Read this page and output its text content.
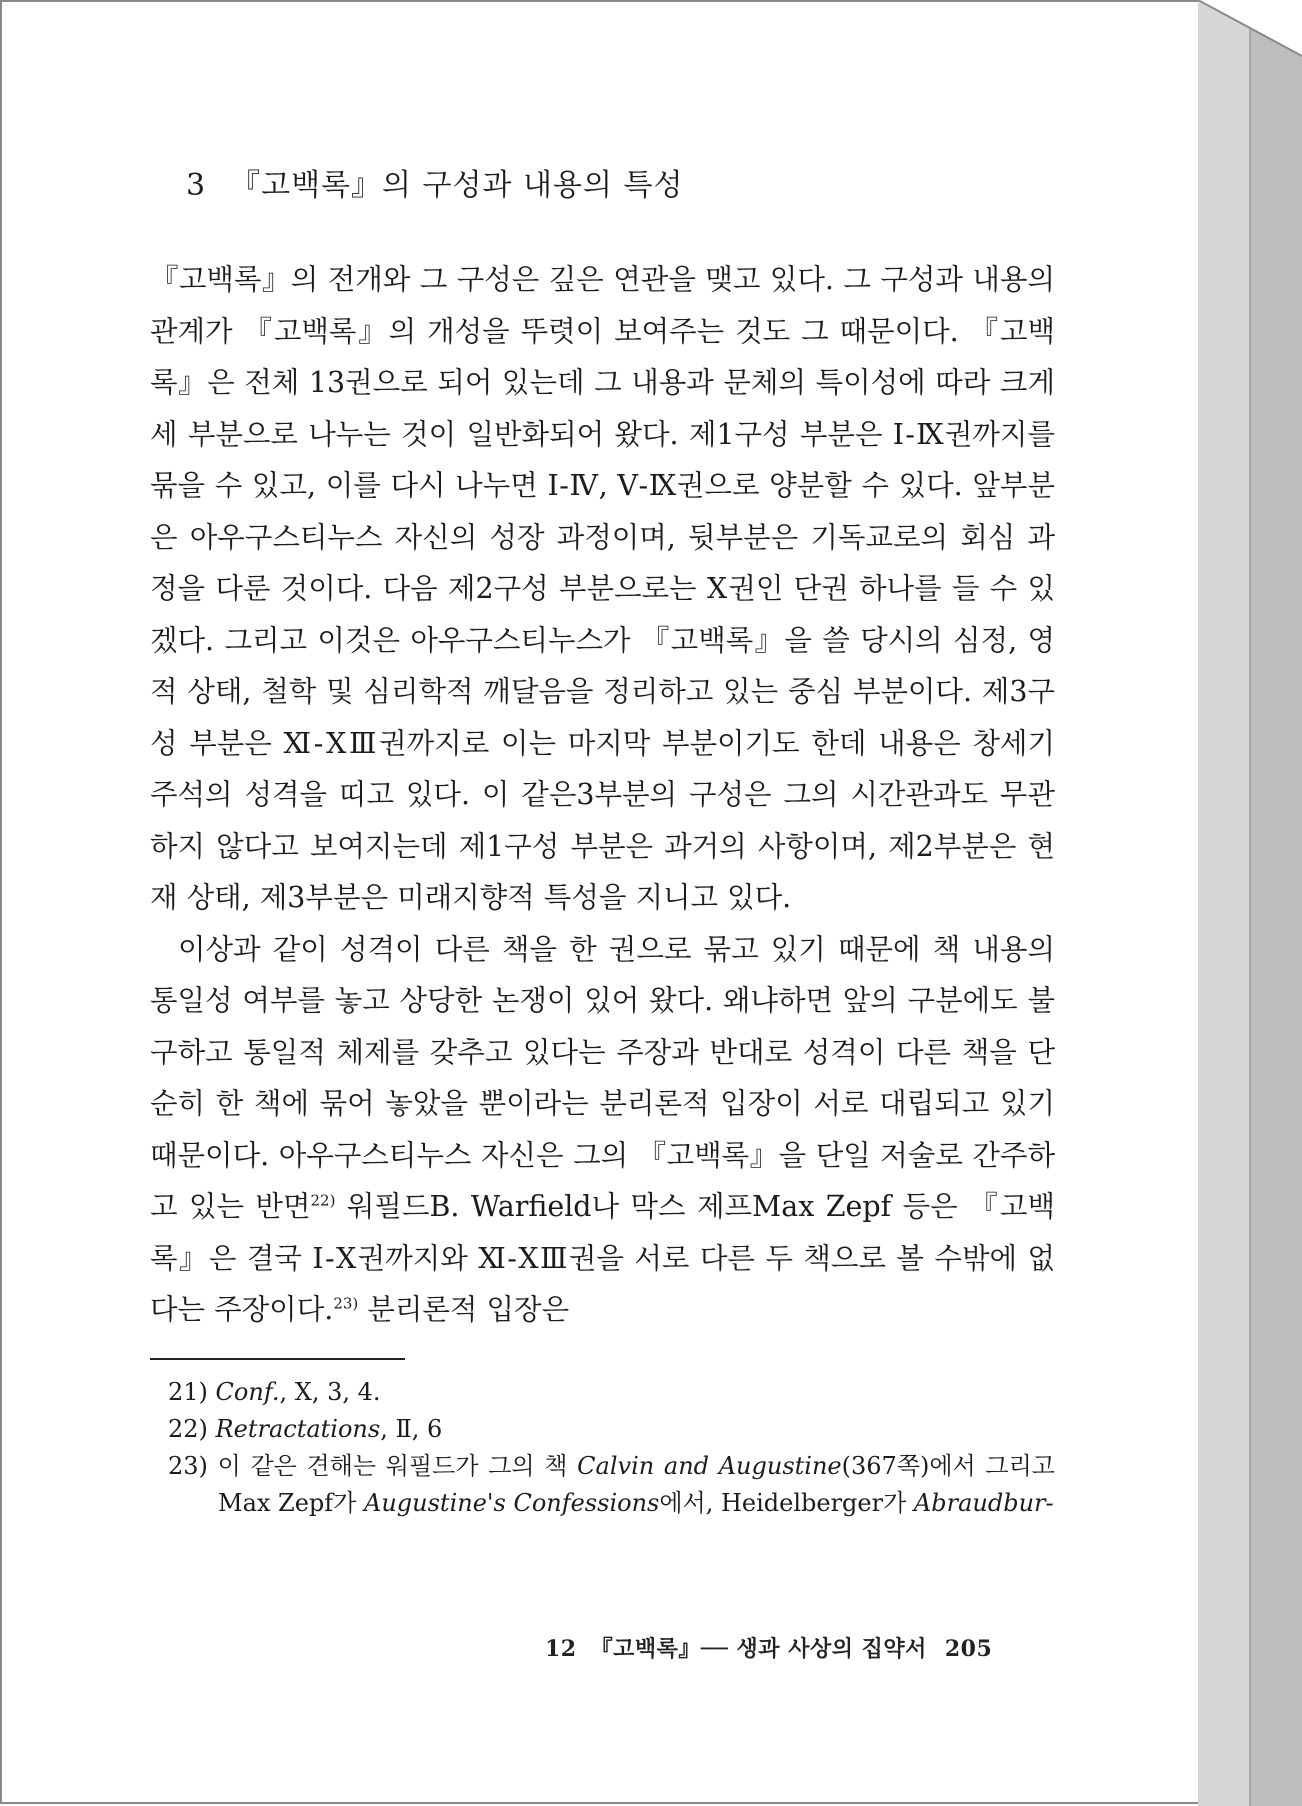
3 『고백록』의 구성과 내용의 특성

『고백록』의 전개와 그 구성은 깊은 연관을 맺고 있다. 그 구성과 내용의 관계가 『고백록』의 개성을 뚜렷이 보여주는 것도 그 때문이다. 『고백록』은 전체 13권으로 되어 있는데 그 내용과 문체의 특이성에 따라 크게 세 부분으로 나누는 것이 일반화되어 왔다. 제1구성 부분은 Ⅰ-Ⅸ권까지를 묶을 수 있고, 이를 다시 나누면 Ⅰ-Ⅳ, Ⅴ-Ⅸ권으로 양분할 수 있다. 앞부분은 아우구스티누스 자신의 성장 과정이며, 뒷부분은 기독교로의 회심 과정을 다룬 것이다. 다음 제2구성 부분으로는 Ⅹ권인 단권 하나를 들 수 있겠다. 그리고 이것은 아우구스티누스가 『고백록』을 쓸 당시의 심정, 영적 상태, 철학 및 심리학적 깨달음을 정리하고 있는 중심 부분이다. 제3구성 부분은 Ⅺ-ⅩⅢ권까지로 이는 마지막 부분이기도 한데 내용은 창세기 주석의 성격을 띠고 있다. 이 같은3부분의 구성은 그의 시간관과도 무관하지 않다고 보여지는데 제1구성 부분은 과거의 사항이며, 제2부분은 현재 상태, 제3부분은 미래지향적 특성을 지니고 있다.

이상과 같이 성격이 다른 책을 한 권으로 묶고 있기 때문에 책 내용의 통일성 여부를 놓고 상당한 논쟁이 있어 왔다. 왜냐하면 앞의 구분에도 불구하고 통일적 체제를 갖추고 있다는 주장과 반대로 성격이 다른 책을 단순히 한 책에 묶어 놓았을 뿐이라는 분리론적 입장이 서로 대립되고 있기 때문이다. 아우구스티누스 자신은 그의 『고백록』을 단일 저술로 간주하고 있는 반면$^{22)}$ 워필드B. Warfield나 막스 제프Max Zepf 등은 『고백록』은 결국 Ⅰ-Ⅹ권까지와 Ⅺ-ⅩⅢ권을 서로 다른 두 책으로 볼 수밖에 없다는 주장이다.$^{23)}$ 분리론적 입장은

21) Conf., Ⅹ, 3, 4.

22) Retractations, Ⅱ, 6

23) 이 같은 견해는 워필드가 그의 책 Calvin and Augustine(367쪽)에서 그리고 Max Zepf가 Augustine's Confessions에서, Heidelberger가 Abraudbur-

12 『고백록』── 생과 사상의 집약서 205
